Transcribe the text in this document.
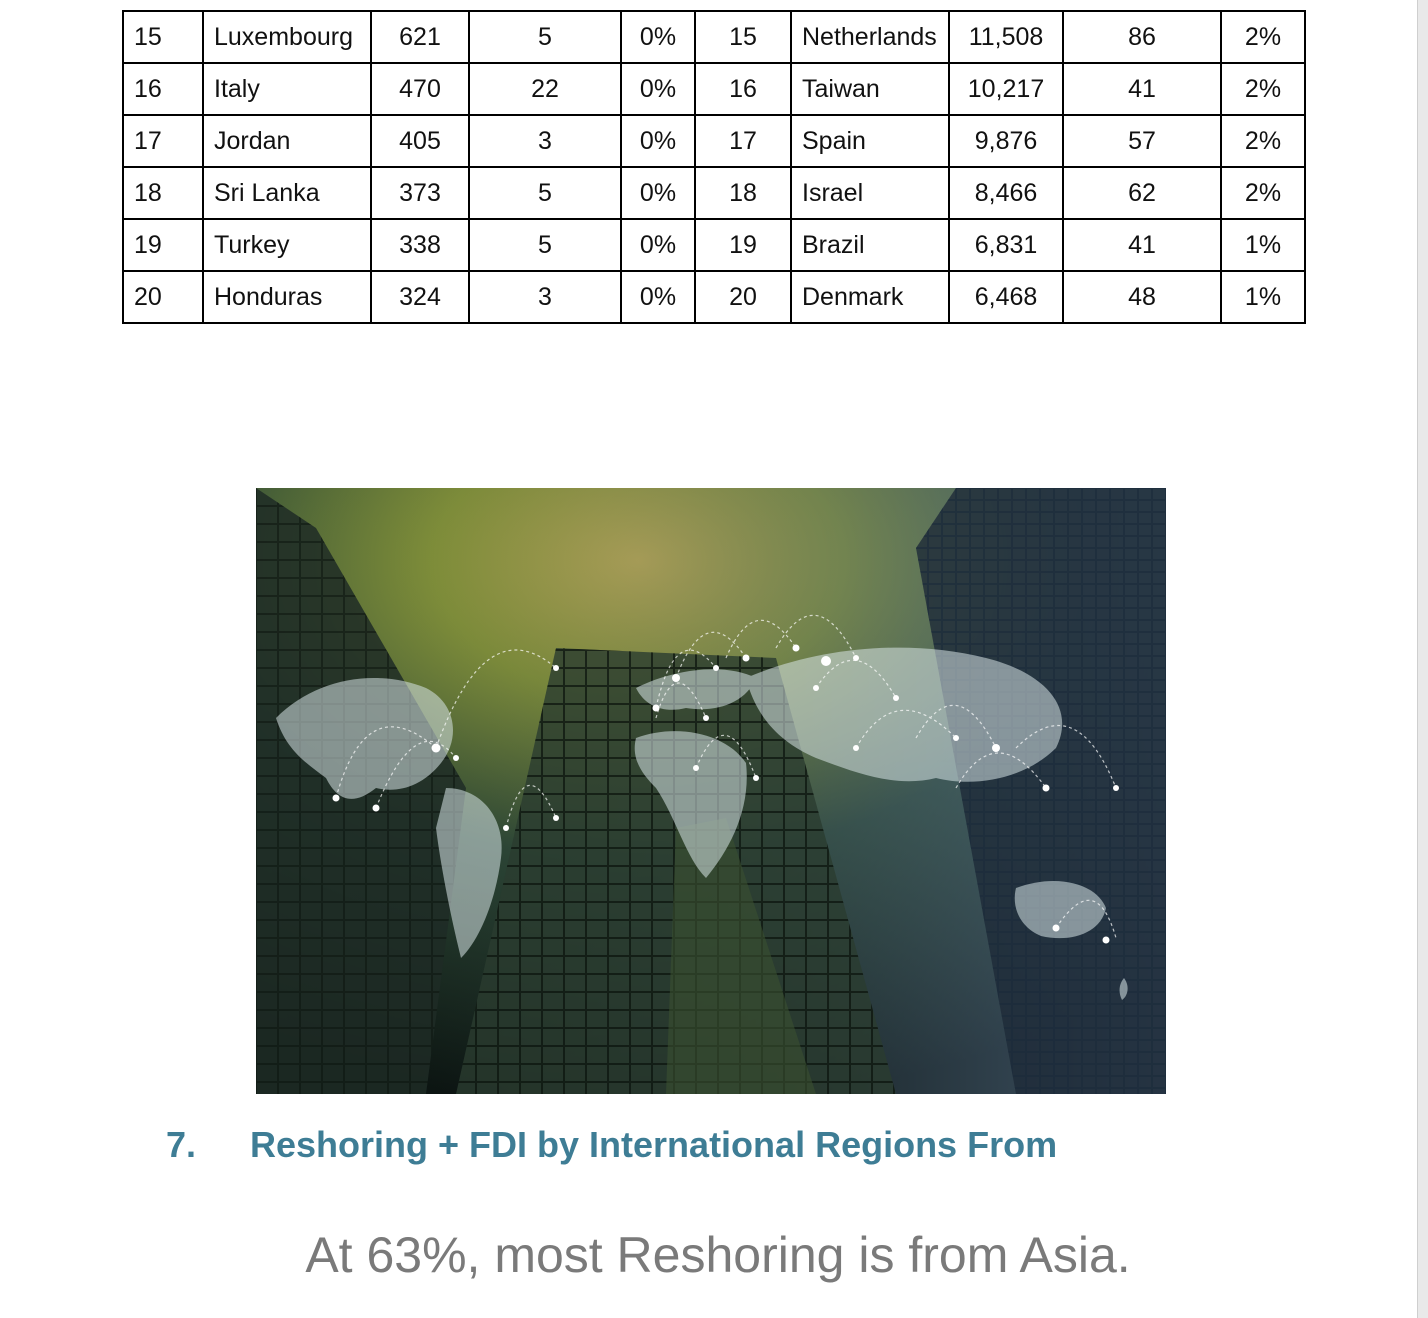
15	Luxembourg	621	5	0%	15	Netherlands	11,508	86	2%
16	Italy	470	22	0%	16	Taiwan	10,217	41	2%
17	Jordan	405	3	0%	17	Spain	9,876	57	2%
18	Sri Lanka	373	5	0%	18	Israel	8,466	62	2%
19	Turkey	338	5	0%	19	Brazil	6,831	41	1%
20	Honduras	324	3	0%	20	Denmark	6,468	48	1%
7. Reshoring + FDI by International Regions From
At 63%, most Reshoring is from Asia.
